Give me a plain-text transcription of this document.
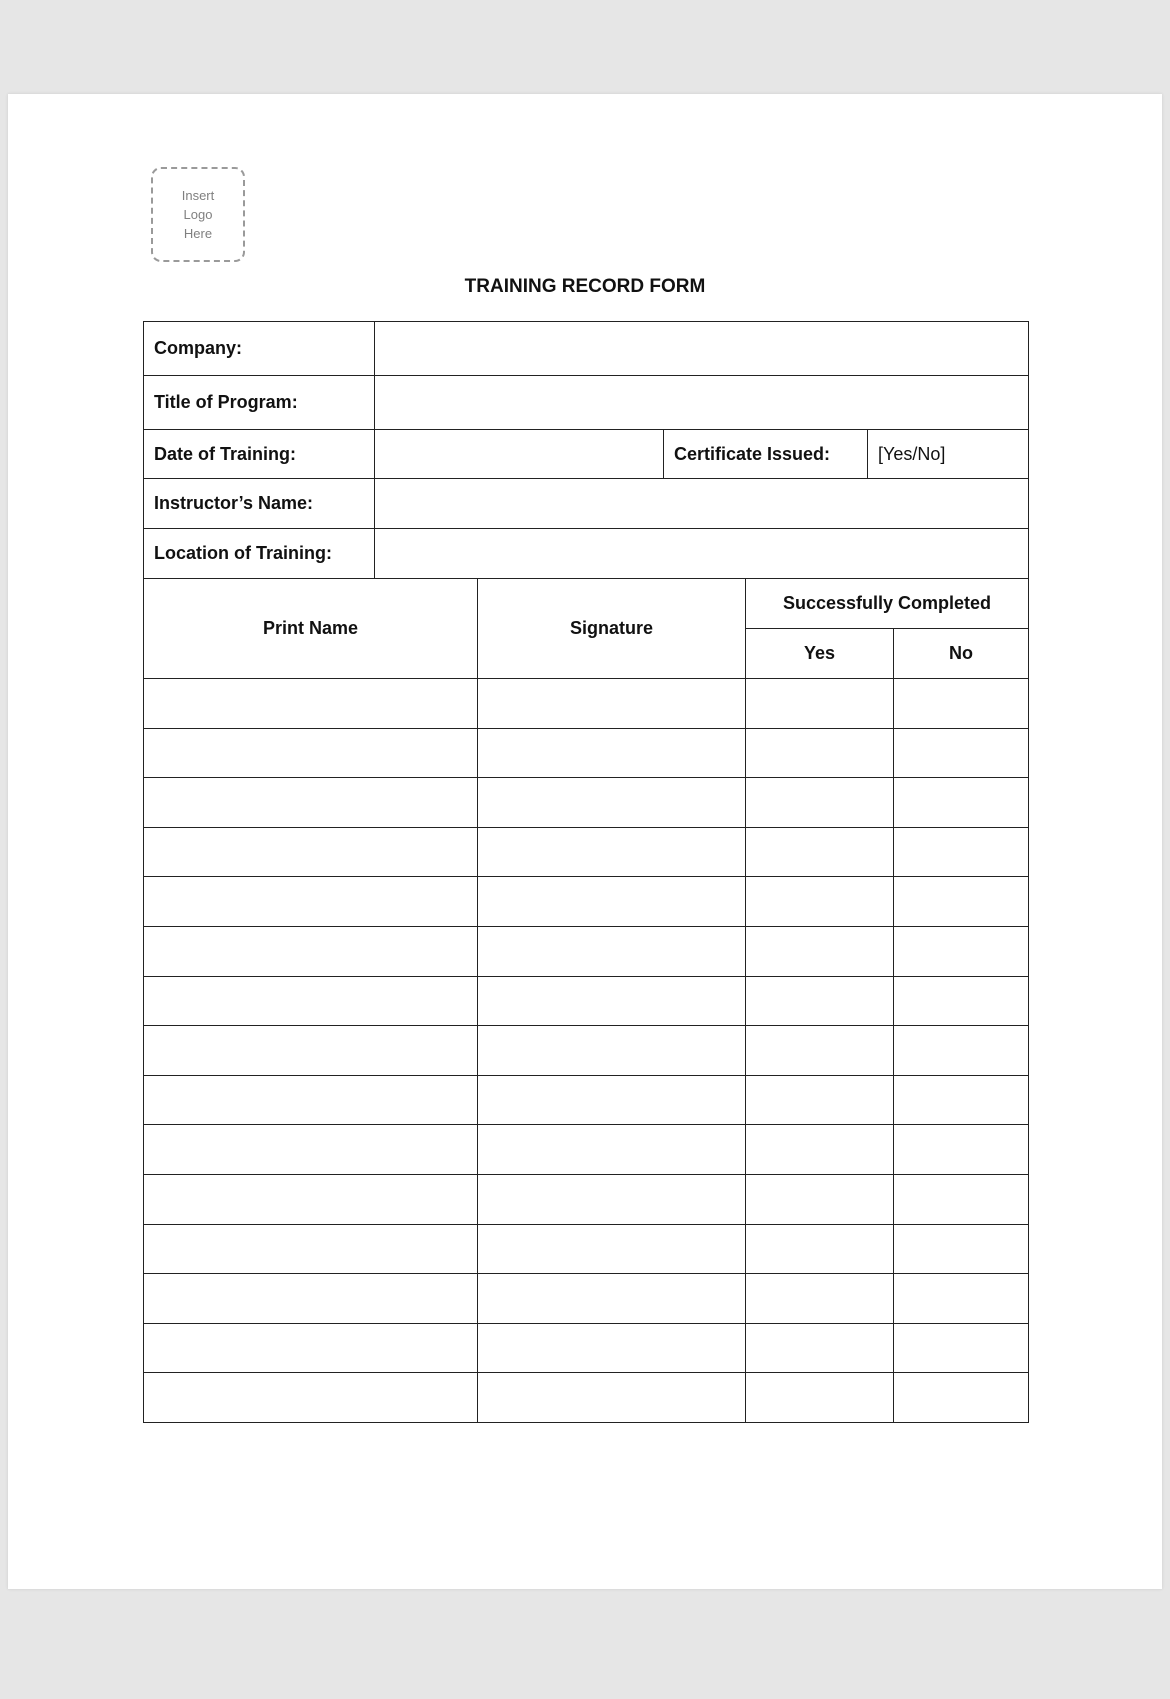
Insert
Logo
Here
TRAINING RECORD FORM
Company:			
Title of Program:			
Date of Training:		Certificate Issued:	[Yes/No]
Instructor’s Name:			
Location of Training:			
Print Name	Signature	Successfully Completed	
		Yes	No
